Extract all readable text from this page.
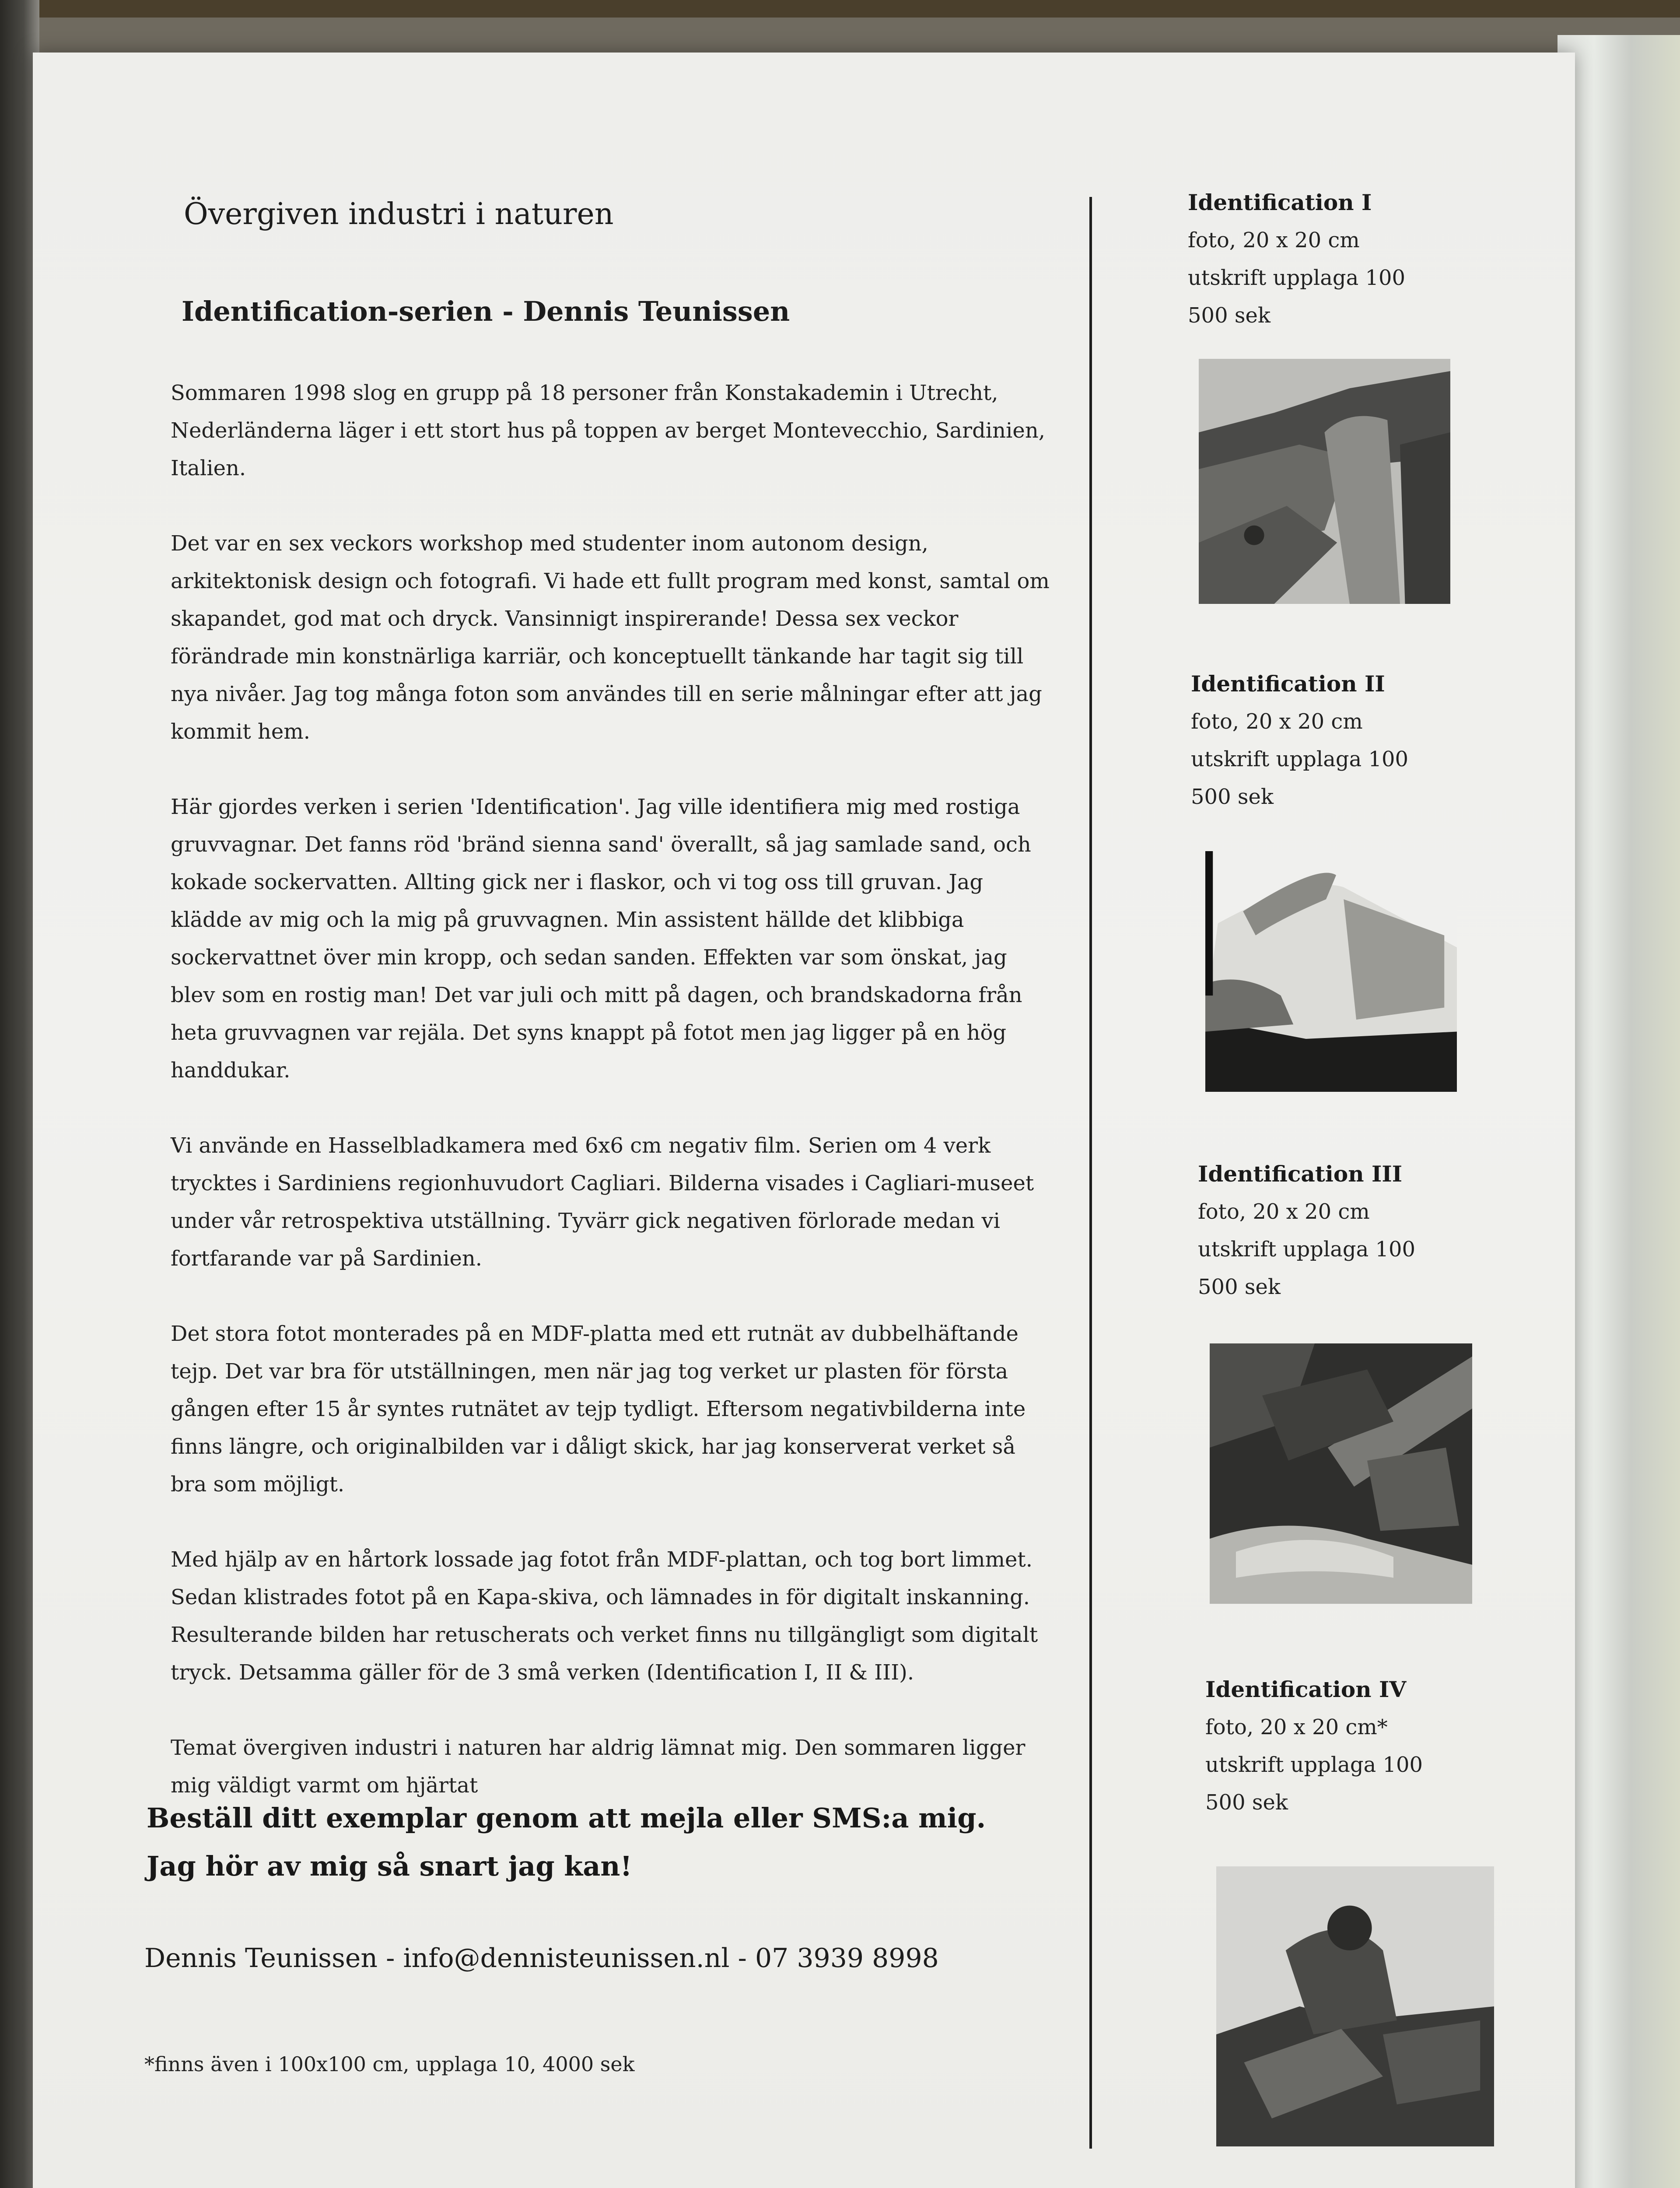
Övergiven industri i naturen
Identification-serien - Dennis Teunissen

Sommaren 1998 slog en grupp på 18 personer från Konstakademin i Utrecht, Nederländerna läger i ett stort hus på toppen av berget Montevecchio, Sardinien, Italien.

Det var en sex veckors workshop med studenter inom autonom design, arkitektonisk design och fotografi. Vi hade ett fullt program med konst, samtal om skapandet, god mat och dryck. Vansinnigt inspirerande! Dessa sex veckor förändrade min konstnärliga karriär, och konceptuellt tänkande har tagit sig till nya nivåer. Jag tog många foton som användes till en serie målningar efter att jag kommit hem.

Här gjordes verken i serien 'Identification'. Jag ville identifiera mig med rostiga gruvvagnar. Det fanns röd 'bränd sienna sand' överallt, så jag samlade sand, och kokade sockervatten. Allting gick ner i flaskor, och vi tog oss till gruvan. Jag klädde av mig och la mig på gruvvagnen. Min assistent hällde det klibbiga sockervattnet över min kropp, och sedan sanden. Effekten var som önskat, jag blev som en rostig man! Det var juli och mitt på dagen, och brandskadorna från heta gruvvagnen var rejäla. Det syns knappt på fotot men jag ligger på en hög handdukar.

Vi använde en Hasselbladkamera med 6x6 cm negativ film. Serien om 4 verk trycktes i Sardiniens regionhuvudort Cagliari. Bilderna visades i Cagliari-museet under vår retrospektiva utställning. Tyvärr gick negativen förlorade medan vi fortfarande var på Sardinien.

Det stora fotot monterades på en MDF-platta med ett rutnät av dubbelhäftande tejp. Det var bra för utställningen, men när jag tog verket ur plasten för första gången efter 15 år syntes rutnätet av tejp tydligt. Eftersom negativbilderna inte finns längre, och originalbilden var i dåligt skick, har jag konserverat verket så bra som möjligt.

Med hjälp av en hårtork lossade jag fotot från MDF-plattan, och tog bort limmet. Sedan klistrades fotot på en Kapa-skiva, och lämnades in för digitalt inskanning. Resulterande bilden har retuscherats och verket finns nu tillgängligt som digitalt tryck. Detsamma gäller för de 3 små verken (Identification I, II & III).

Temat övergiven industri i naturen har aldrig lämnat mig. Den sommaren ligger mig väldigt varmt om hjärtat

Beställ ditt exemplar genom att mejla eller SMS:a mig.
Jag hör av mig så snart jag kan!
Dennis Teunissen - info@dennisteunissen.nl - 07 3939 8998
*finns även i 100x100 cm, upplaga 10, 4000 sek
Identification I
foto, 20 x 20 cm
utskrift upplaga 100
500 sek
Identification II
foto, 20 x 20 cm
utskrift upplaga 100
500 sek
Identification III
foto, 20 x 20 cm
utskrift upplaga 100
500 sek
Identification IV
foto, 20 x 20 cm*
utskrift upplaga 100
500 sek
